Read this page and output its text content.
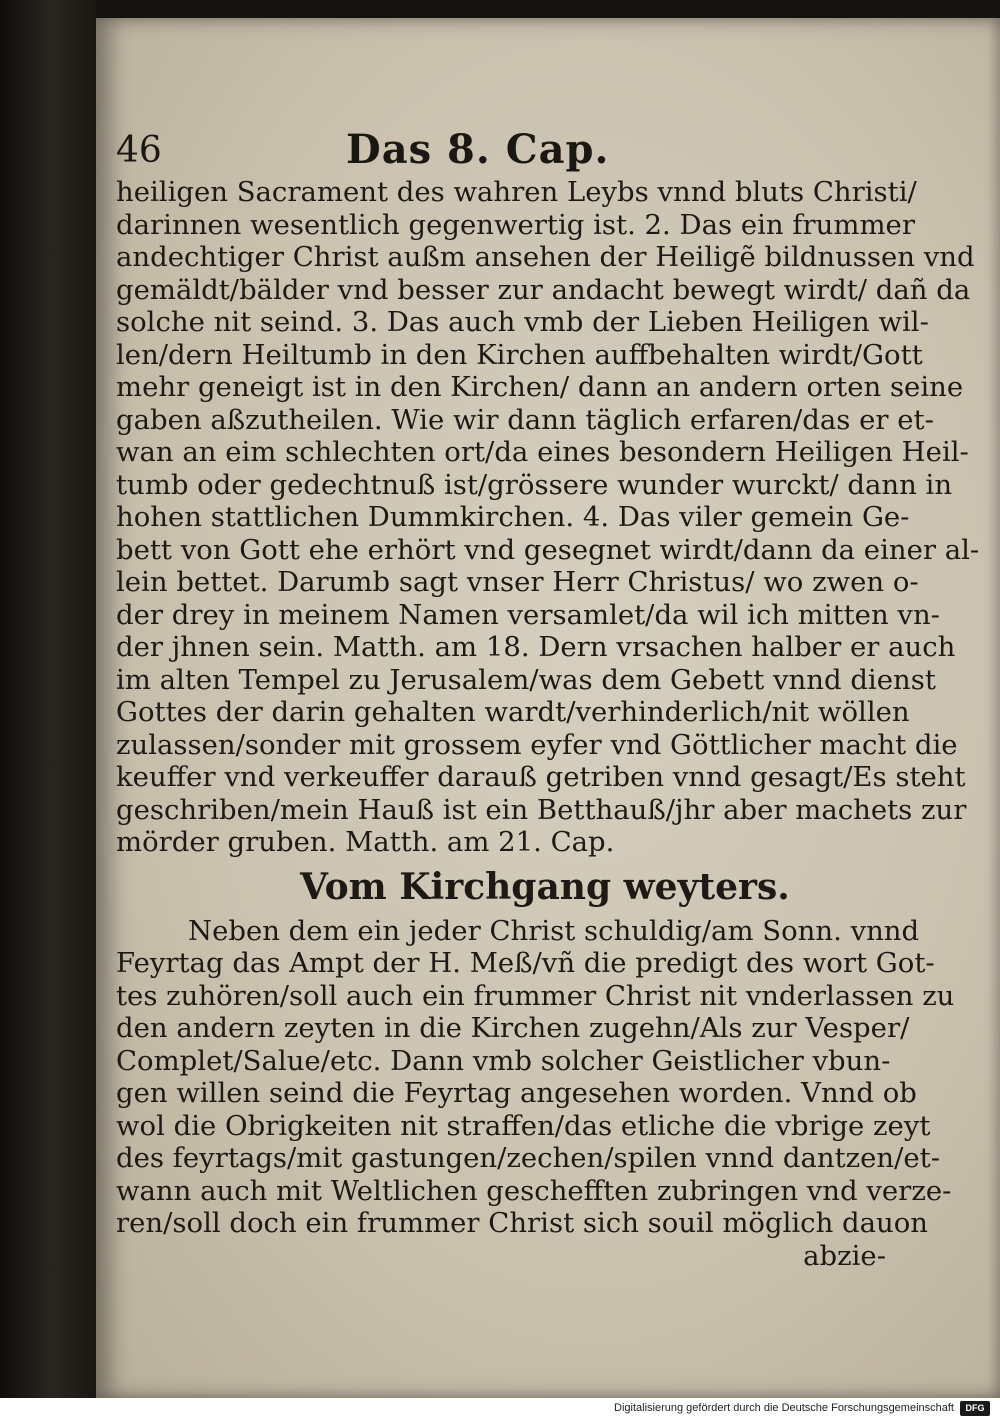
46	Das 8. Cap.
heiligen Sacrament des wahren Leybs vnnd bluts Christi/
darinnen wesentlich gegenwertig ist. 2. Das ein frummer
andechtiger Christ außm ansehen der Heiligẽ bildnussen vnd
gemäldt/bälder vnd besser zur andacht bewegt wirdt/ dañ da
solche nit seind. 3. Das auch vmb der Lieben Heiligen wil-
len/dern Heiltumb in den Kirchen auffbehalten wirdt/Gott
mehr geneigt ist in den Kirchen/ dann an andern orten seine
gaben aßzutheilen. Wie wir dann täglich erfaren/das er et-
wan an eim schlechten ort/da eines besondern Heiligen Heil-
tumb oder gedechtnuß ist/grössere wunder wurckt/ dann in
hohen stattlichen Dummkirchen. 4. Das viler gemein Ge-
bett von Gott ehe erhört vnd gesegnet wirdt/dann da einer al-
lein bettet. Darumb sagt vnser Herr Christus/ wo zwen o-
der drey in meinem Namen versamlet/da wil ich mitten vn-
der jhnen sein. Matth. am 18. Dern vrsachen halber er auch
im alten Tempel zu Jerusalem/was dem Gebett vnnd dienst
Gottes der darin gehalten wardt/verhinderlich/nit wöllen
zulassen/sonder mit grossem eyfer vnd Göttlicher macht die
keuffer vnd verkeuffer darauß getriben vnnd gesagt/Es steht
geschriben/mein Hauß ist ein Betthauß/jhr aber machets zur
mörder gruben. Matth. am 21. Cap.
Vom Kirchgang weyters.
Neben dem ein jeder Christ schuldig/am Sonn. vnnd
Feyrtag das Ampt der H. Meß/vñ die predigt des wort Got-
tes zuhören/soll auch ein frummer Christ nit vnderlassen zu
den andern zeyten in die Kirchen zugehn/Als zur Vesper/
Complet/Salue/etc. Dann vmb solcher Geistlicher vbun-
gen willen seind die Feyrtag angesehen worden. Vnnd ob
wol die Obrigkeiten nit straffen/das etliche die vbrige zeyt
des feyrtags/mit gastungen/zechen/spilen vnnd dantzen/et-
wann auch mit Weltlichen geschefften zubringen vnd verze-
ren/soll doch ein frummer Christ sich souil möglich dauon
abzie-
Digitalisierung gefördert durch die Deutsche Forschungsgemeinschaft	DFG
